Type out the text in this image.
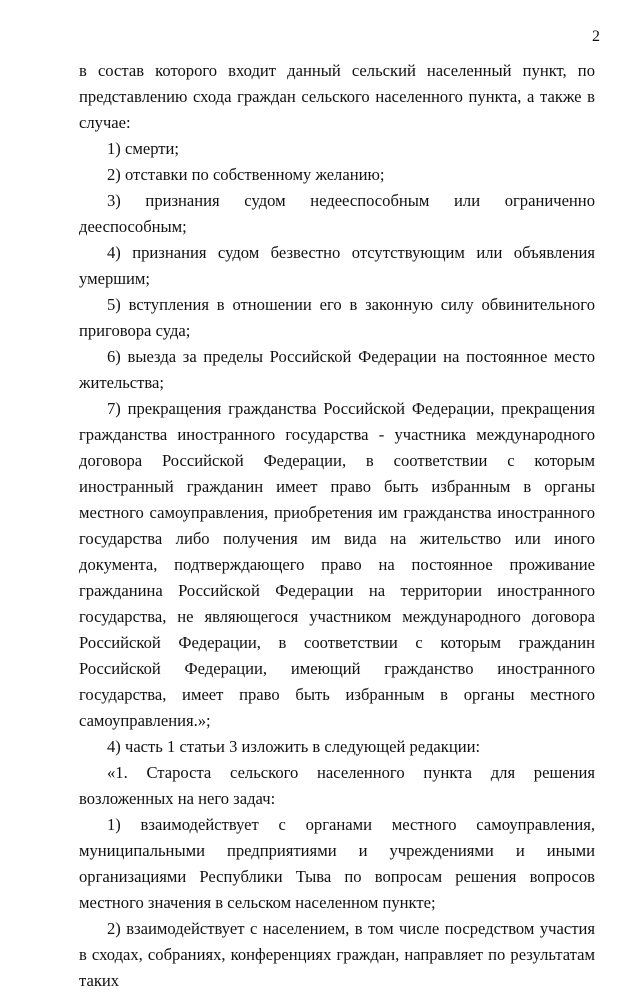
2

в состав которого входит данный сельский населенный пункт, по представлению схода граждан сельского населенного пункта, а также в случае:

1) смерти;

2) отставки по собственному желанию;

3) признания судом недееспособным или ограниченно дееспособным;

4) признания судом безвестно отсутствующим или объявления умершим;

5) вступления в отношении его в законную силу обвинительного приговора суда;

6) выезда за пределы Российской Федерации на постоянное место жительства;

7) прекращения гражданства Российской Федерации, прекращения гражданства иностранного государства - участника международного договора Российской Федерации, в соответствии с которым иностранный гражданин имеет право быть избранным в органы местного самоуправления, приобретения им гражданства иностранного государства либо получения им вида на жительство или иного документа, подтверждающего право на постоянное проживание гражданина Российской Федерации на территории иностранного государства, не являющегося участником международного договора Российской Федерации, в соответствии с которым гражданин Российской Федерации, имеющий гражданство иностранного государства, имеет право быть избранным в органы местного самоуправления.»;

4) часть 1 статьи 3 изложить в следующей редакции:

«1. Староста сельского населенного пункта для решения возложенных на него задач:

1) взаимодействует с органами местного самоуправления, муниципальными предприятиями и учреждениями и иными организациями Республики Тыва по вопросам решения вопросов местного значения в сельском населенном пункте;

2) взаимодействует с населением, в том числе посредством участия в сходах, собраниях, конференциях граждан, направляет по результатам таких
